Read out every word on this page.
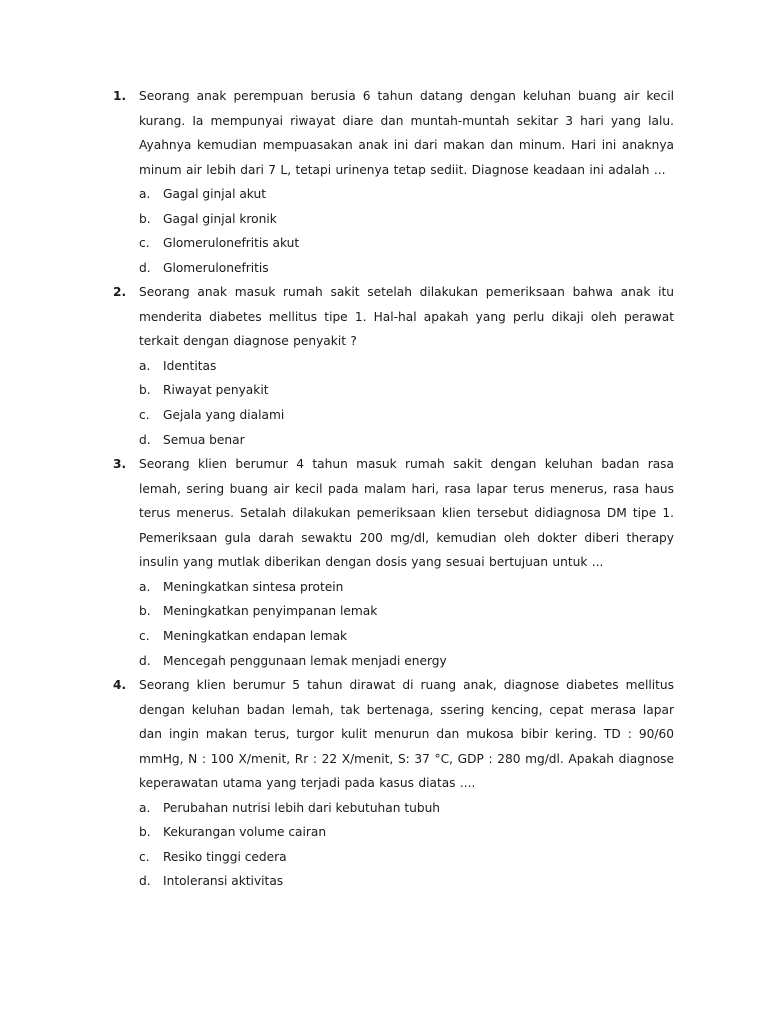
1. Seorang anak perempuan berusia 6 tahun datang dengan keluhan buang air kecil kurang. Ia mempunyai riwayat diare dan muntah-muntah sekitar 3 hari yang lalu. Ayahnya kemudian mempuasakan anak ini dari makan dan minum. Hari ini anaknya minum air lebih dari 7 L, tetapi urinenya tetap sediit. Diagnose keadaan ini adalah ...
a. Gagal ginjal akut
b. Gagal ginjal kronik
c. Glomerulonefritis akut
d. Glomerulonefritis
2. Seorang anak masuk rumah sakit setelah dilakukan pemeriksaan bahwa anak itu menderita diabetes mellitus tipe 1. Hal-hal apakah yang perlu dikaji oleh perawat terkait dengan diagnose penyakit ?
a. Identitas
b. Riwayat penyakit
c. Gejala yang dialami
d. Semua benar
3. Seorang klien berumur 4 tahun masuk rumah sakit dengan keluhan badan rasa lemah, sering buang air kecil pada malam hari, rasa lapar terus menerus, rasa haus terus menerus. Setalah dilakukan pemeriksaan klien tersebut didiagnosa DM tipe 1. Pemeriksaan gula darah sewaktu 200 mg/dl, kemudian oleh dokter diberi therapy insulin yang mutlak diberikan dengan dosis yang sesuai bertujuan untuk ...
a. Meningkatkan sintesa protein
b. Meningkatkan penyimpanan lemak
c. Meningkatkan endapan lemak
d. Mencegah penggunaan lemak menjadi energy
4. Seorang klien berumur 5 tahun dirawat di ruang anak, diagnose diabetes mellitus dengan keluhan badan lemah, tak bertenaga, ssering kencing, cepat merasa lapar dan ingin makan terus, turgor kulit menurun dan mukosa bibir kering. TD : 90/60 mmHg, N : 100 X/menit, Rr : 22 X/menit, S: 37 °C, GDP : 280 mg/dl. Apakah diagnose keperawatan utama yang terjadi pada kasus diatas ....
a. Perubahan nutrisi lebih dari kebutuhan tubuh
b. Kekurangan volume cairan
c. Resiko tinggi cedera
d. Intoleransi aktivitas
